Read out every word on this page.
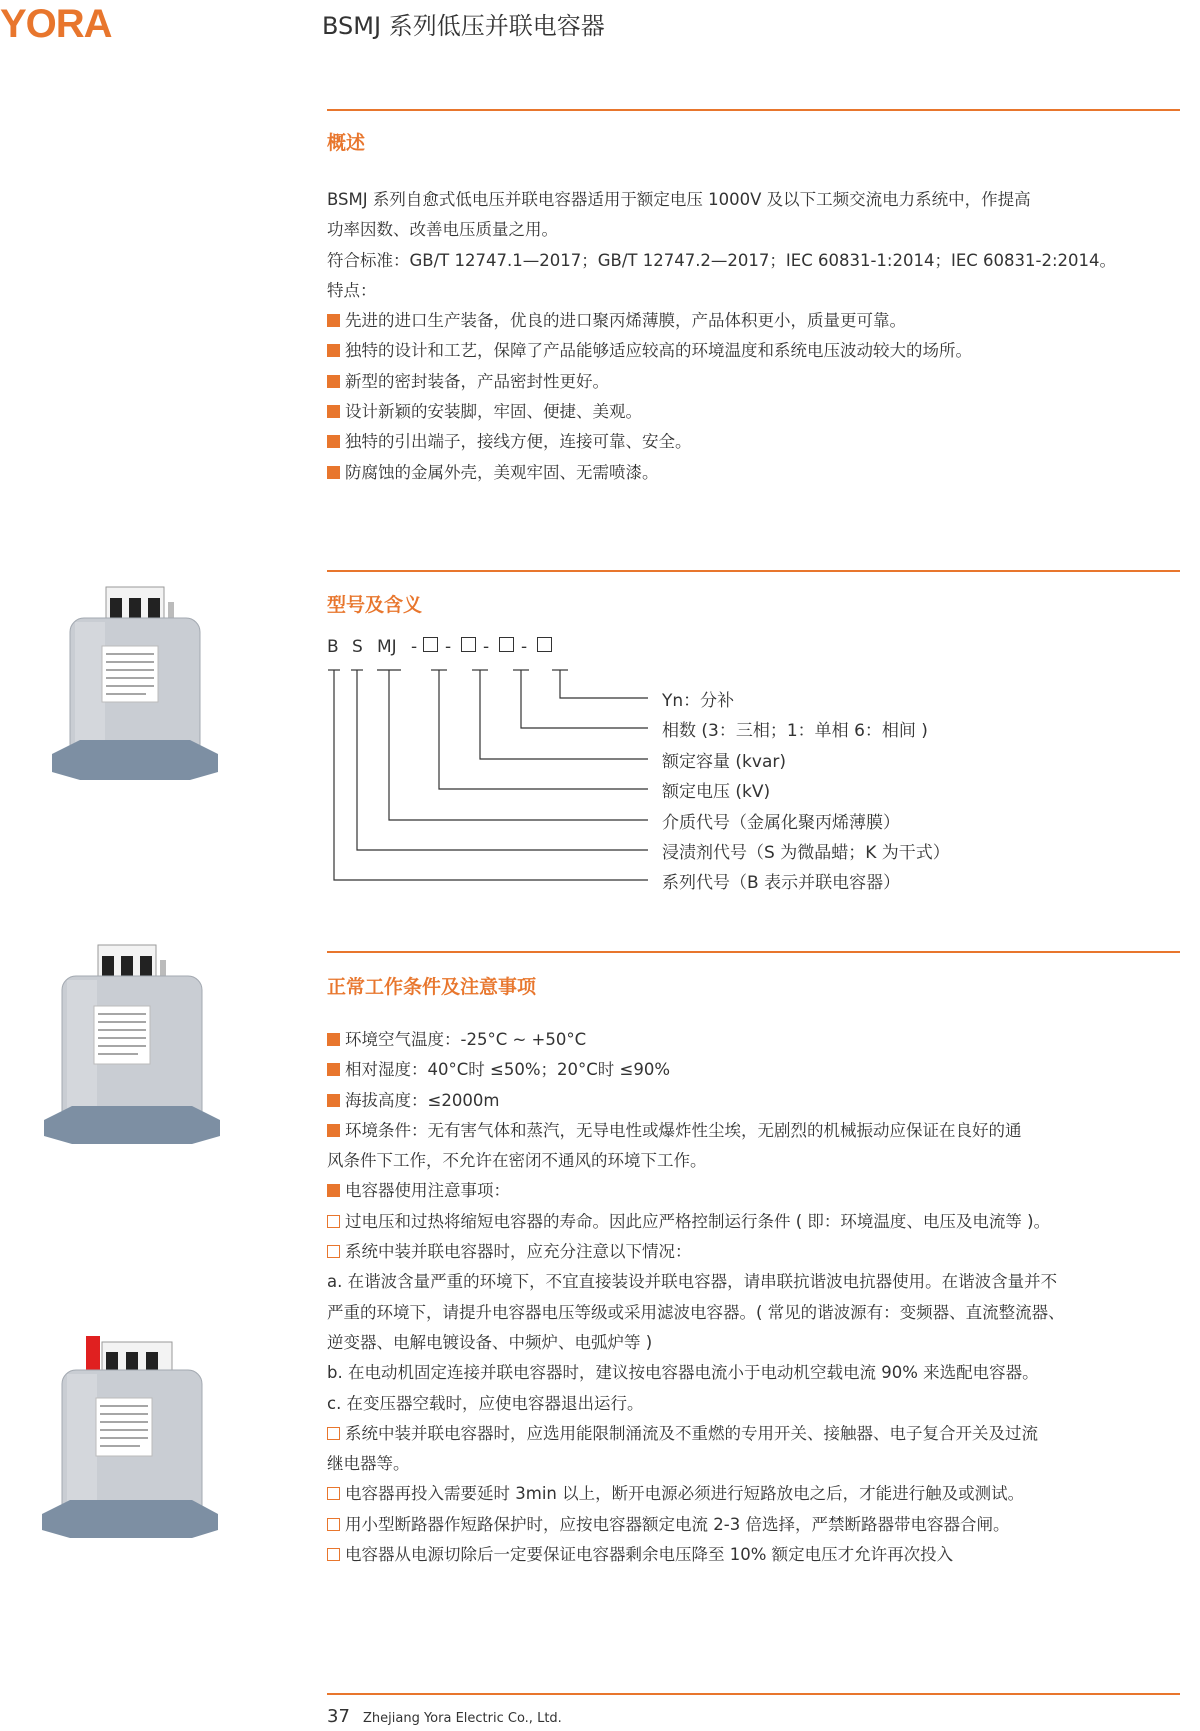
YORA	BSMJ 系列低压并联电容器
概述

BSMJ 系列自愈式低电压并联电容器适用于额定电压 1000V 及以下工频交流电力系统中，作提高

功率因数、改善电压质量之用。

符合标准：GB/T 12747.1—2017；GB/T 12747.2—2017；IEC 60831-1:2014；IEC 60831-2:2014。

特点：

先进的进口生产装备，优良的进口聚丙烯薄膜，产品体积更小，质量更可靠。

独特的设计和工艺，保障了产品能够适应较高的环境温度和系统电压波动较大的场所。

新型的密封装备，产品密封性更好。

设计新颖的安装脚，牢固、便捷、美观。

独特的引出端子，接线方便，连接可靠、安全。

防腐蚀的金属外壳，美观牢固、无需喷漆。

型号及含义
B S MJ - - - -
Yn：分补
相数 (3：三相；1：单相 6：相间 )
额定容量 (kvar)
额定电压 (kV)
介质代号（金属化聚丙烯薄膜）
浸渍剂代号（S 为微晶蜡；K 为干式）
系列代号（B 表示并联电容器）
正常工作条件及注意事项

环境空气温度：-25°C ~ +50°C

相对湿度：40°C时 ≤50%；20°C时 ≤90%

海拔高度：≤2000m

环境条件：无有害气体和蒸汽，无导电性或爆炸性尘埃，无剧烈的机械振动应保证在良好的通

风条件下工作，不允许在密闭不通风的环境下工作。

电容器使用注意事项：

过电压和过热将缩短电容器的寿命。因此应严格控制运行条件 ( 即：环境温度、电压及电流等 )。

系统中装并联电容器时，应充分注意以下情况：

a. 在谐波含量严重的环境下，不宜直接装设并联电容器，请串联抗谐波电抗器使用。在谐波含量并不

严重的环境下，请提升电容器电压等级或采用滤波电容器。( 常见的谐波源有：变频器、直流整流器、

逆变器、电解电镀设备、中频炉、电弧炉等 )

b. 在电动机固定连接并联电容器时，建议按电容器电流小于电动机空载电流 90% 来选配电容器。

c. 在变压器空载时，应使电容器退出运行。

系统中装并联电容器时，应选用能限制涌流及不重燃的专用开关、接触器、电子复合开关及过流

继电器等。

电容器再投入需要延时 3min 以上，断开电源必须进行短路放电之后，才能进行触及或测试。

用小型断路器作短路保护时，应按电容器额定电流 2-3 倍选择，严禁断路器带电容器合闸。

电容器从电源切除后一定要保证电容器剩余电压降至 10% 额定电压才允许再次投入

37 Zhejiang Yora Electric Co., Ltd.
